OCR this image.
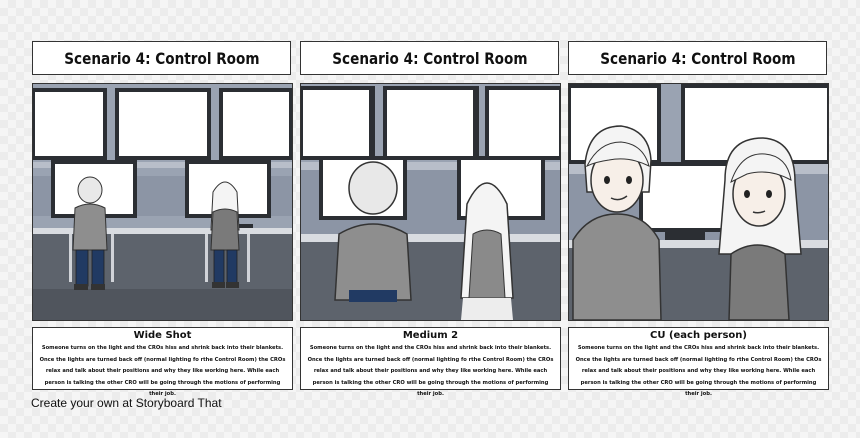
Scenario 4: Control Room	Scenario 4: Control Room	Scenario 4: Control Room
Wide Shot
Someone turns on the light and the CROs hiss and shrink back into their blankets. Once the lights are turned back off (normal lighting fo rthe Control Room) the CROs relax and talk about their positions and why they like working here. While each person is talking the other CRO will be going through the motions of performing their job.
Medium 2
Someone turns on the light and the CROs hiss and shrink back into their blankets. Once the lights are turned back off (normal lighting fo rthe Control Room) the CROs relax and talk about their positions and why they like working here. While each person is talking the other CRO will be going through the motions of performing their job.
CU (each person)
Someone turns on the light and the CROs hiss and shrink back into their blankets. Once the lights are turned back off (normal lighting fo rthe Control Room) the CROs relax and talk about their positions and why they like working here. While each person is talking the other CRO will be going through the motions of performing their job.
Create your own at Storyboard That
